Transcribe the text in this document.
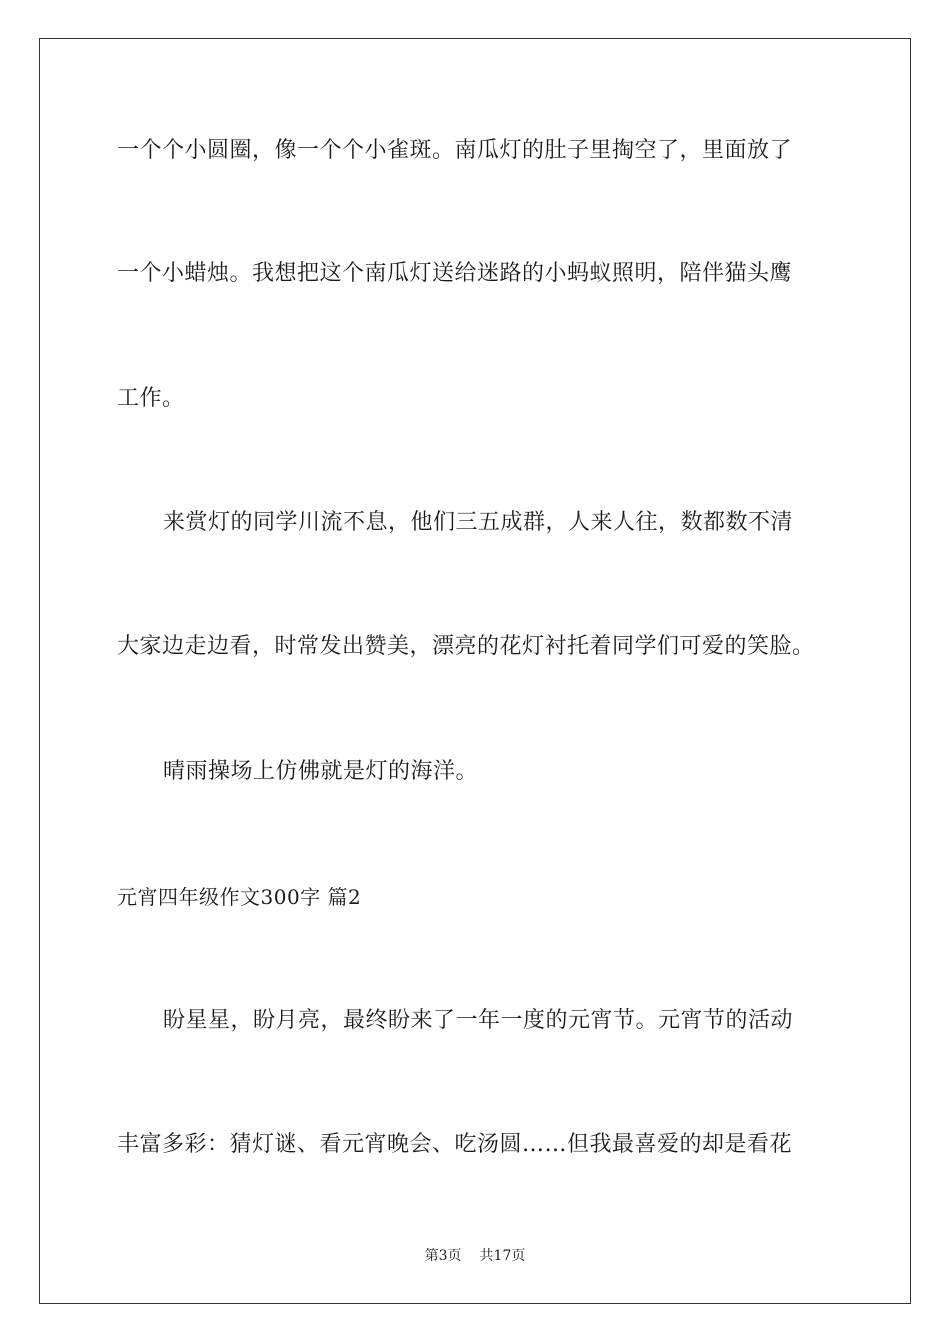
一个个小圆圈，像一个个小雀斑。南瓜灯的肚子里掏空了，里面放了
一个小蜡烛。我想把这个南瓜灯送给迷路的小蚂蚁照明，陪伴猫头鹰
工作。
来赏灯的同学川流不息，他们三五成群，人来人往，数都数不清
大家边走边看，时常发出赞美，漂亮的花灯衬托着同学们可爱的笑脸。
晴雨操场上仿佛就是灯的海洋。
元宵四年级作文300字 篇2
盼星星，盼月亮，最终盼来了一年一度的元宵节。元宵节的活动
丰富多彩：猜灯谜、看元宵晚会、吃汤圆……但我最喜爱的却是看花
第3页 共17页
